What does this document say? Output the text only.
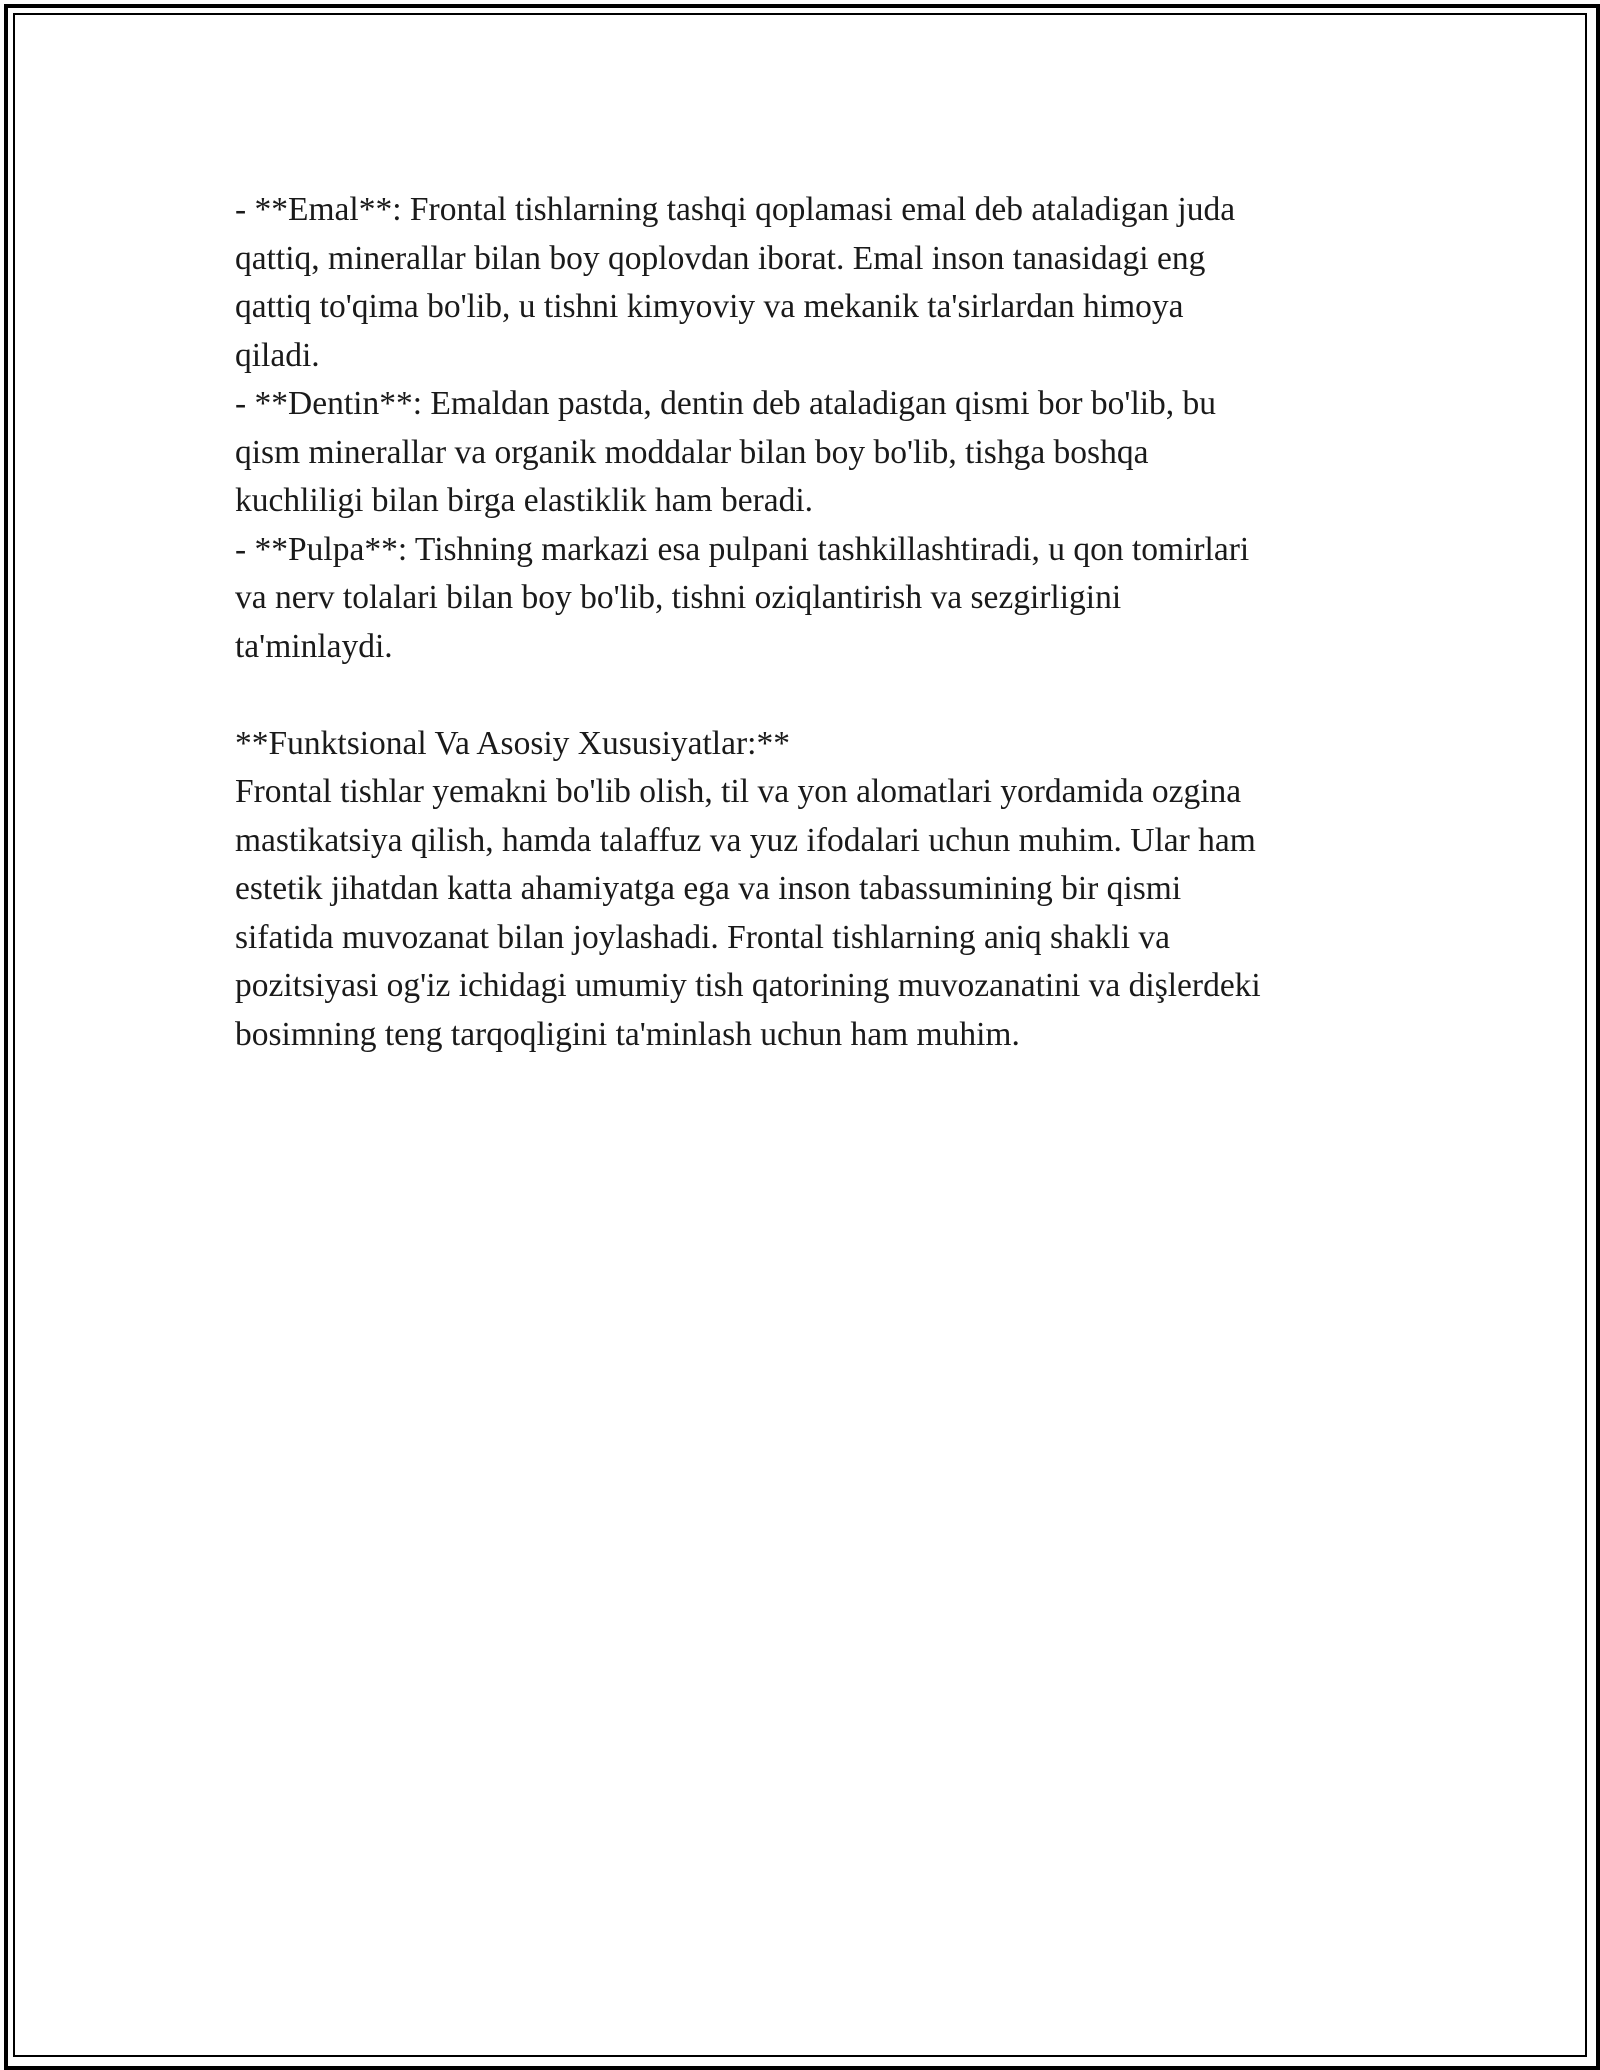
- **Emal**: Frontal tishlarning tashqi qoplamasi emal deb ataladigan juda

qattiq, minerallar bilan boy qoplovdan iborat. Emal inson tanasidagi eng

qattiq to'qima bo'lib, u tishni kimyoviy va mekanik ta'sirlardan himoya

qiladi.

- **Dentin**: Emaldan pastda, dentin deb ataladigan qismi bor bo'lib, bu

qism minerallar va organik moddalar bilan boy bo'lib, tishga boshqa

kuchliligi bilan birga elastiklik ham beradi.

- **Pulpa**: Tishning markazi esa pulpani tashkillashtiradi, u qon tomirlari

va nerv tolalari bilan boy bo'lib, tishni oziqlantirish va sezgirligini

ta'minlaydi.

**Funktsional Va Asosiy Xususiyatlar:**

Frontal tishlar yemakni bo'lib olish, til va yon alomatlari yordamida ozgina

mastikatsiya qilish, hamda talaffuz va yuz ifodalari uchun muhim. Ular ham

estetik jihatdan katta ahamiyatga ega va inson tabassumining bir qismi

sifatida muvozanat bilan joylashadi. Frontal tishlarning aniq shakli va

pozitsiyasi og'iz ichidagi umumiy tish qatorining muvozanatini va dişlerdeki

bosimning teng tarqoqligini ta'minlash uchun ham muhim.
